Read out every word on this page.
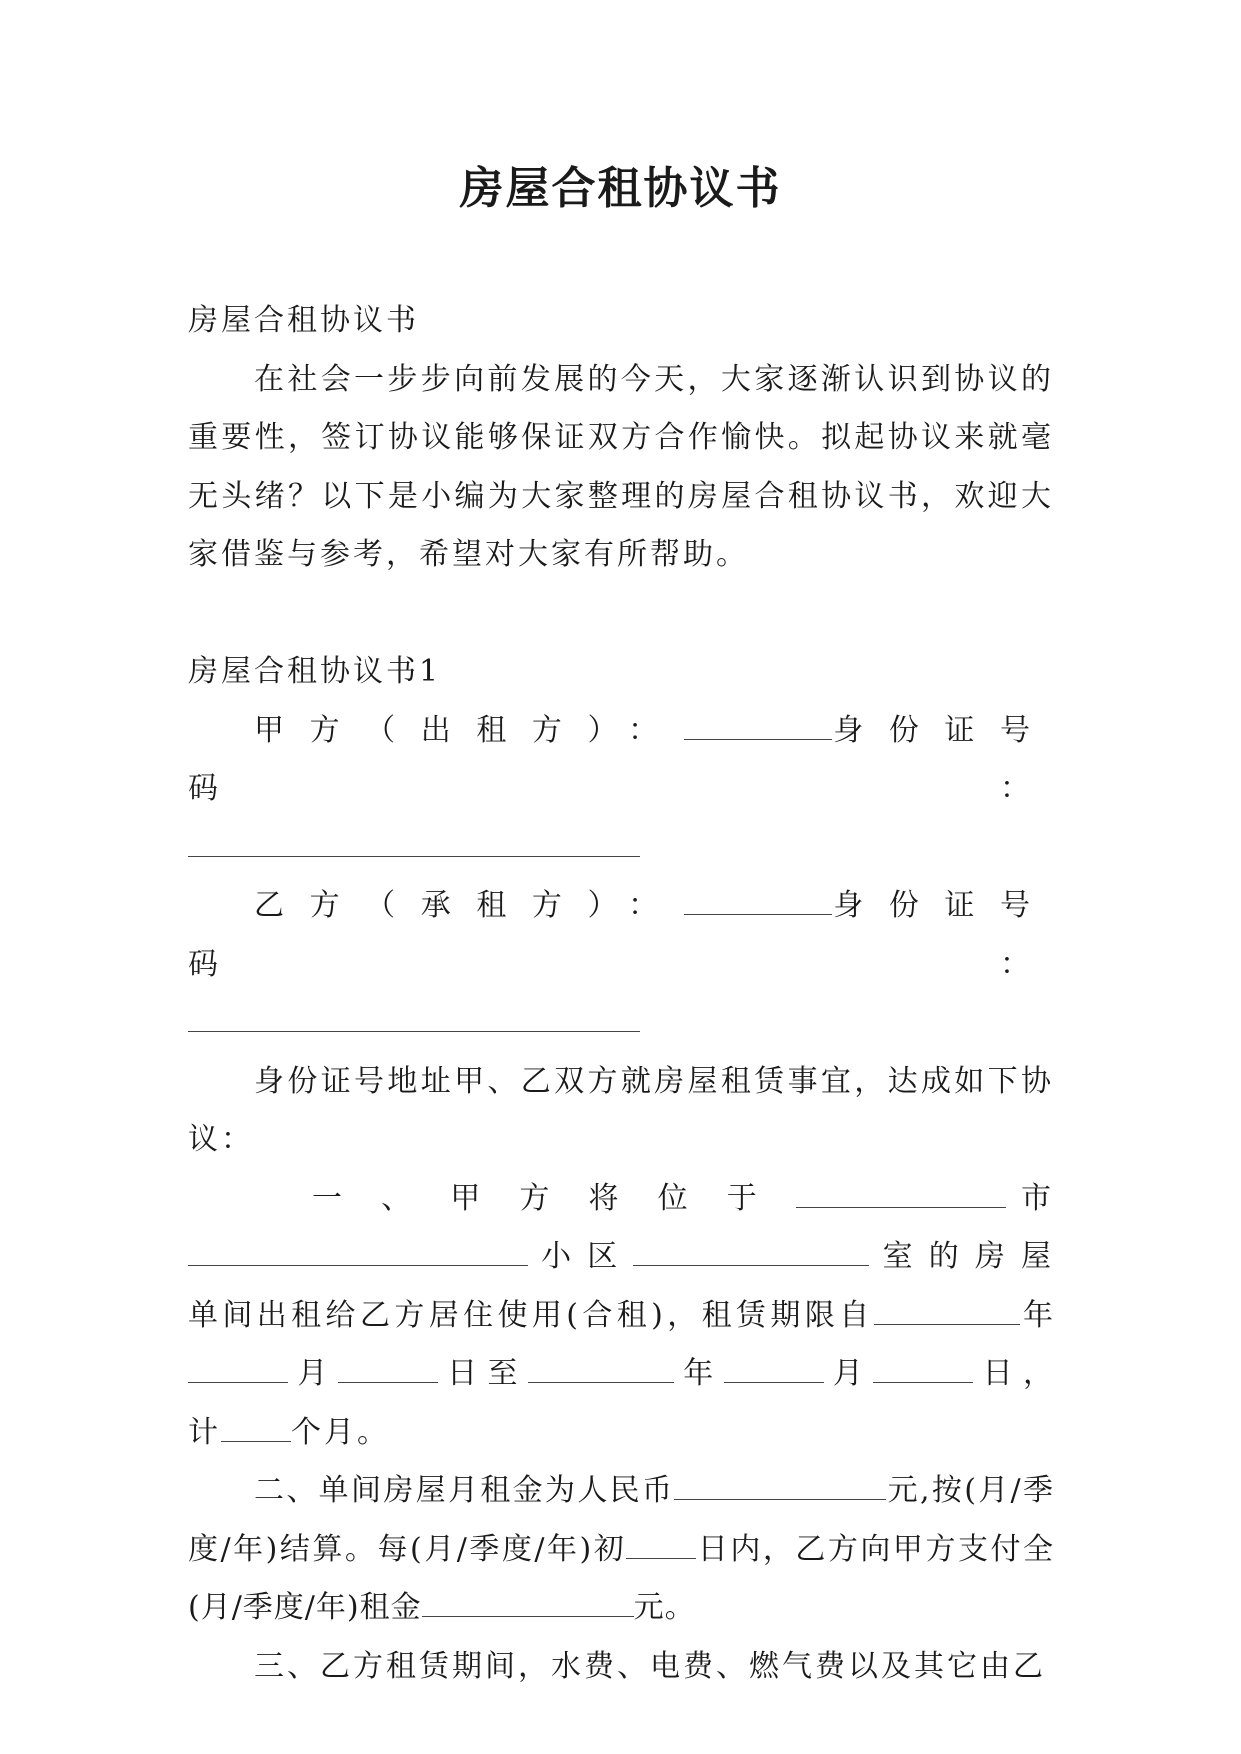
房屋合租协议书

房屋合租协议书

在社会一步步向前发展的今天，大家逐渐认识到协议的重要性，签订协议能够保证双方合作愉快。拟起协议来就毫无头绪？以下是小编为大家整理的房屋合租协议书，欢迎大家借鉴与参考，希望对大家有所帮助。

房屋合租协议书1

甲方（出租方）：	身份证号码：

乙方（承租方）：	身份证号码：

身份证号地址甲、乙双方就房屋租赁事宜，达成如下协议：

一、甲方将位于	市

小区	室的房屋

单间出租给乙方居住使用(合租)，租赁期限自	年

月	日至	年	月	日，

计 个月。

二、单间房屋月租金为人民币	元,按(月/季度/年)结算。每(月/季度/年)初 日内，乙方向甲方支付全(月/季度/年)租金	元。

三、乙方租赁期间，水费、电费、燃气费以及其它由乙
